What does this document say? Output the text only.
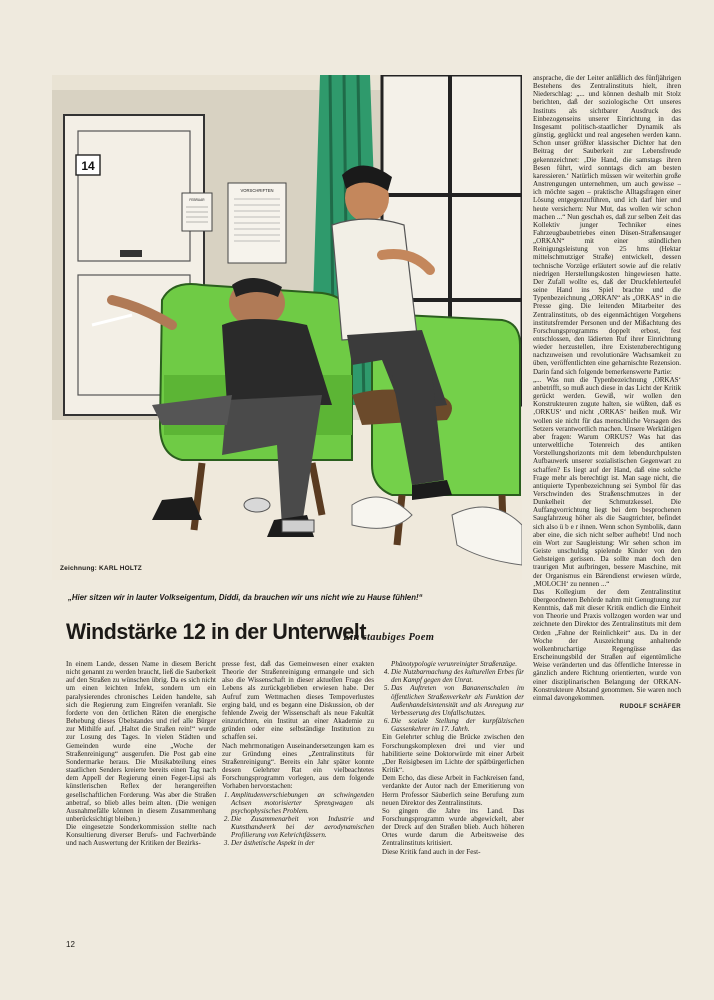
14
FEBRUAR
VORSCHRIFTEN
Zeichnung: KARL HOLTZ
„Hier sitzen wir in lauter Volkseigentum, Diddi, da brauchen wir uns nicht wie zu Hause fühlen!“
Windstärke 12 in der Unterwelt
Ein staubiges Poem

In einem Lande, dessen Name in diesem Bericht nicht genannt zu werden braucht, ließ die Sauberkeit auf den Straßen zu wünschen übrig. Da es sich nicht um einen leichten Infekt, sondern um ein paralysierendes chronisches Leiden handelte, sah sich die Regierung zum Eingreifen veranlaßt. Sie forderte von den örtlichen Räten die energische Behebung dieses Übelstandes und rief alle Bürger zur Mithilfe auf. „Haltet die Straßen rein!“ wurde zur Losung des Tages. In vielen Städten und Gemeinden wurde eine „Woche der Straßenreinigung“ ausgerufen. Die Post gab eine Sondermarke heraus. Die Musikabteilung eines staatlichen Senders kreierte bereits einen Tag nach dem Appell der Regierung einen Feger-Lipsi als künstlerischen Reflex der herangereiften gesellschaftlichen Forderung. Was aber die Straßen anbetraf, so blieb alles beim alten. (Die wenigen Ausnahmefälle können in diesem Zusammenhang unberücksichtigt bleiben.)
Die eingesetzte Sonderkommission stellte nach Konsultierung diverser Berufs- und Fachverbände und nach Auswertung der Kritiken der Bezirks-

presse fest, daß das Gemeinwesen einer exakten Theorie der Straßenreinigung ermangele und sich also die Wissenschaft in dieser aktuellen Frage des Lebens als zurückgeblieben erwiesen habe. Der Aufruf zum Wettmachen dieses Tempoverlustes erging bald, und es begann eine Diskussion, ob der fehlende Zweig der Wissenschaft als neue Fakultät einzurichten, ein Institut an einer Akademie zu gründen oder eine selbständige Institution zu schaffen sei.
Nach mehrmonatigen Auseinandersetzungen kam es zur Gründung eines „Zentralinstituts für Straßenreinigung“. Bereits ein Jahr später konnte dessen Gelehrter Rat ein vielbeachtetes Forschungsprogramm vorlegen, aus dem folgende Vorhaben hervorstachen:

1. Amplitudenverschiebungen an schwingenden Achsen motorisierter Sprengwagen als psychophysisches Problem.
2. Die Zusammenarbeit von Industrie und Kunsthandwerk bei der aerodynamischen Profilierung von Kehrichtfässern.
3. Der ästhetische Aspekt in der

Phänotypologie verunreinigter Straßenzüge.

4. Die Nutzbarmachung des kulturellen Erbes für den Kampf gegen den Unrat.
5. Das Auftreten von Bananenschalen im öffentlichen Straßenverkehr als Funktion der Außenhandelsintensität und als Anregung zur Verbesserung des Unfallschutzes.
6. Die soziale Stellung der kurpfälzischen Gassenkehrer im 17. Jahrh.

Ein Gelehrter schlug die Brücke zwischen den Forschungskomplexen drei und vier und habilitierte seine Doktorwürde mit einer Arbeit „Der Reisigbesen im Lichte der spätbürgerlichen Kritik“.
Dem Echo, das diese Arbeit in Fachkreisen fand, verdankte der Autor nach der Emeritierung von Herrn Professor Säuberlich seine Berufung zum neuen Direktor des Zentralinstituts.
So gingen die Jahre ins Land. Das Forschungsprogramm wurde abgewickelt, aber der Dreck auf den Straßen blieb. Auch höheren Ortes wurde darum die Arbeitsweise des Zentralinstituts kritisiert.
Diese Kritik fand auch in der Fest-

ansprache, die der Leiter anläßlich des fünfjährigen Bestehens des Zentralinstituts hielt, ihren Niederschlag: „... und können deshalb mit Stolz berichten, daß der soziologische Ort unseres Instituts als sichtbarer Ausdruck des Einbezogenseins unserer Einrichtung in das Insgesamt politisch-staatlicher Dynamik als günstig, geglückt und real angesehen werden kann. Schon unser größter klassischer Dichter hat den Beitrag der Sauberkeit zur Lebensfreude gekennzeichnet: ‚Die Hand, die samstags ihren Besen führt, wird sonntags dich am besten karessieren.‘ Natürlich müssen wir weiterhin große Anstrengungen unternehmen, um auch gewisse – ich möchte sagen – praktische Alltagsfragen einer Lösung entgegenzuführen, und ich darf hier und heute versichern: Nur Mut, das wollen wir schon machen ...“ Nun geschah es, daß zur selben Zeit das Kollektiv junger Techniker eines Fahrzeugbaubetriebes einen Düsen-Straßensauger „ORKAN“ mit einer stündlichen Reinigungsleistung von 25 hms (Hektar mittelschmutziger Straße) entwickelt, dessen technische Vorzüge erläutert sowie auf die relativ niedrigen Herstellungskosten hingewiesen hatte. Der Zufall wollte es, daß der Druckfehlerteufel seine Hand ins Spiel brachte und die Typenbezeichnung „ORKAN“ als „ORKAS“ in die Presse ging. Die leitenden Mitarbeiter des Zentralinstituts, ob des eigenmächtigen Vorgehens institutsfremder Personen und der Mißachtung des Forschungsprogramms doppelt erbost, fest entschlossen, den lädierten Ruf ihrer Einrichtung wieder herzustellen, ihre Existenzberechtigung nachzuweisen und revolutionäre Wachsamkeit zu üben, veröffentlichten eine geharnischte Rezension. Darin fand sich folgende bemerkenswerte Partie:
„... Was nun die Typenbezeichnung ‚ORKAS‘ anbetrifft, so muß auch diese in das Licht der Kritik gerückt werden. Gewiß, wir wollen den Konstrukteuren zugute halten, sie wüßten, daß es ‚ORKUS‘ und nicht ‚ORKAS‘ heißen muß. Wir wollen sie nicht für das menschliche Versagen des Setzers verantwortlich machen. Unsere Werktätigen aber fragen: Warum ORKUS? Was hat das unterweltliche Totenreich des antiken Vorstellungshorizonts mit dem lebendurchpulsten Aufbauwerk unserer sozialistischen Gegenwart zu schaffen? Es liegt auf der Hand, daß eine solche Frage mehr als berechtigt ist. Man sage nicht, die antiquierte Typenbezeichnung sei Symbol für das Verschwinden des Straßenschmutzes in der Dunkelheit der Schmutzkessel. Die Auffangvorrichtung liegt bei dem besprochenen Saugfahrzeug höher als die Saugtrichter, befindet sich also ü b e r ihnen. Wenn schon Symbolik, dann aber eine, die sich nicht selber aufhebt! Und noch ein Wort zur Saugleistung: Wir sehen schon im Geiste unschuldig spielende Kinder von den Gehsteigen gerissen. Da sollte man doch den traurigen Mut aufbringen, bessere Maschine, mit der Organismus ein Bärendienst erwiesen würde, ‚MOLOCH‘ zu nennen ...“
Das Kollegium der dem Zentralinstitut übergeordneten Behörde nahm mit Genugtuung zur Kenntnis, daß mit dieser Kritik endlich die Einheit von Theorie und Praxis vollzogen worden war und zeichnete den Direktor des Zentralinstituts mit dem Orden „Fahne der Reinlichkeit“ aus. Da in der Woche der Auszeichnung anhaltende wolkenbruchartige Regengüsse das Erscheinungsbild der Straßen auf eigentümliche Weise veränderten und das öffentliche Interesse in gänzlich andere Richtung orientierten, wurde von einer disziplinarischen Belangung der ORKAN-Konstrukteure Abstand genommen. Sie waren noch einmal davongekommen.

RUDOLF SCHÄFER

12
